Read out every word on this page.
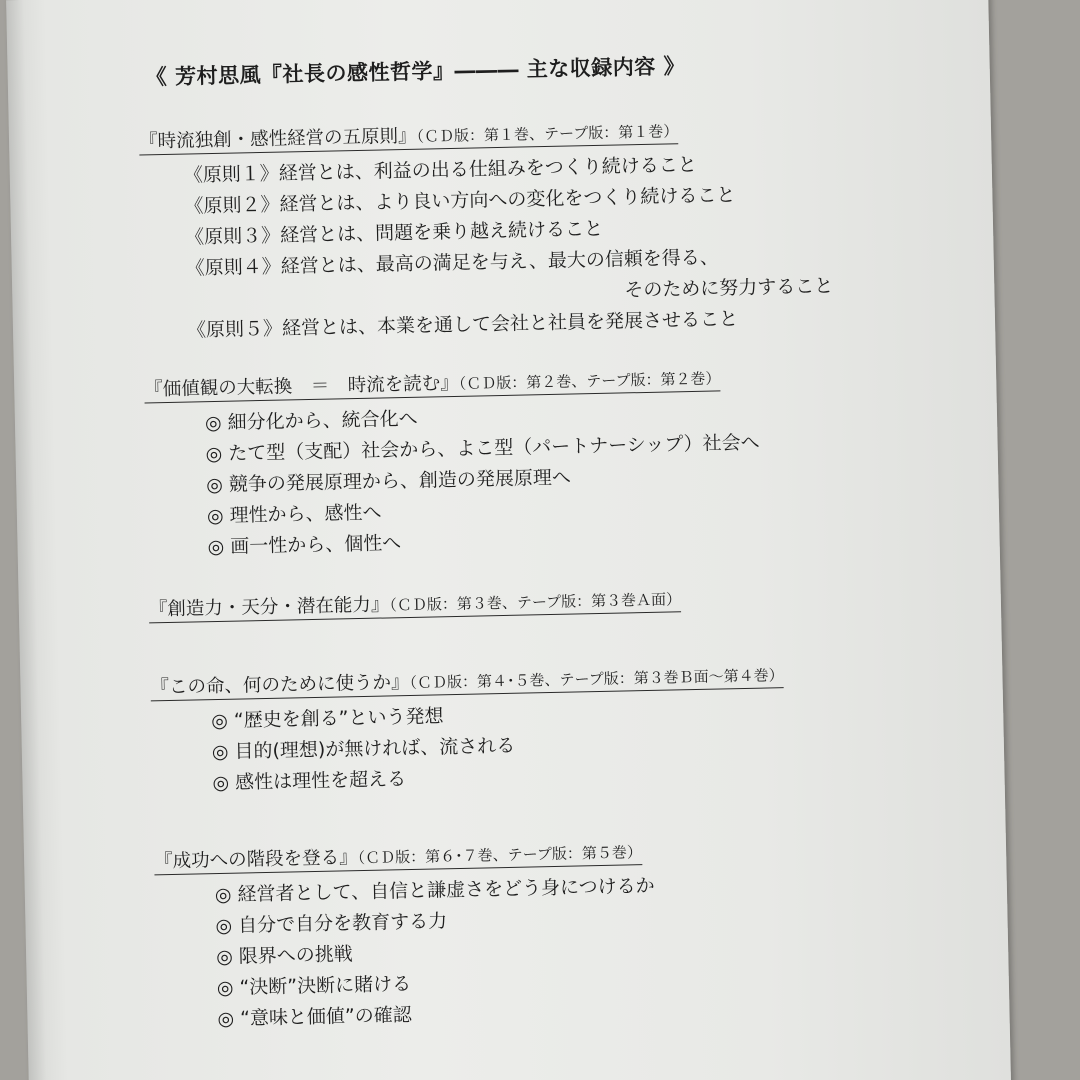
《 芳村思風『社長の感性哲学』――― 主な収録内容 》
『時流独創・感性経営の五原則』（ＣＤ版：第１巻、テープ版：第１巻）
《原則１》経営とは、利益の出る仕組みをつくり続けること
《原則２》経営とは、より良い方向への変化をつくり続けること
《原則３》経営とは、問題を乗り越え続けること
《原則４》経営とは、最高の満足を与え、最大の信頼を得る、
そのために努力すること
《原則５》経営とは、本業を通して会社と社員を発展させること
『価値観の大転換　＝　時流を読む』（ＣＤ版：第２巻、テープ版：第２巻）
◎ 細分化から、統合化へ
◎ たて型（支配）社会から、よこ型（パートナーシップ）社会へ
◎ 競争の発展原理から、創造の発展原理へ
◎ 理性から、感性へ
◎ 画一性から、個性へ
『創造力・天分・潜在能力』（ＣＤ版：第３巻、テープ版：第３巻Ａ面）
『この命、何のために使うか』（ＣＤ版：第４･５巻、テープ版：第３巻Ｂ面〜第４巻）
◎ “歴史を創る”という発想
◎ 目的(理想)が無ければ、流される
◎ 感性は理性を超える
『成功への階段を登る』（ＣＤ版：第６･７巻、テープ版：第５巻）
◎ 経営者として、自信と謙虚さをどう身につけるか
◎ 自分で自分を教育する力
◎ 限界への挑戦
◎ “決断”決断に賭ける
◎ “意味と価値”の確認
